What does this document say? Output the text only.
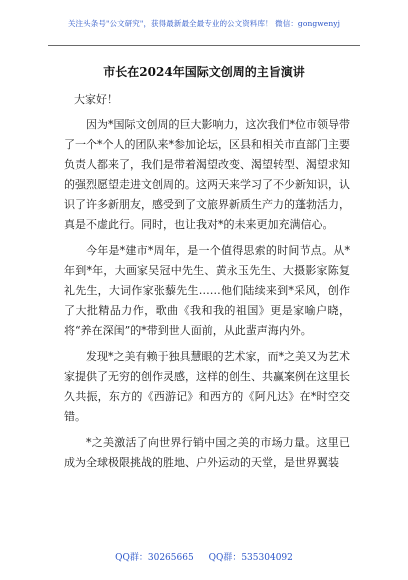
关注头条号"公文研究"，获得最新最全最专业的公文资料库！ 微信：gongwenyj
市长在2024年国际文创周的主旨演讲

大家好！

因为*国际文创周的巨大影响力，这次我们*位市领导带了一个*个人的团队来*参加论坛，区县和相关市直部门主要负责人都来了，我们是带着渴望改变、渴望转型、渴望求知的强烈愿望走进文创周的。这两天来学习了不少新知识，认识了许多新朋友，感受到了文旅界新质生产力的蓬勃活力，真是不虚此行。同时，也让我对*的未来更加充满信心。

今年是*建市*周年，是一个值得思索的时间节点。从*年到*年，大画家吴冠中先生、黄永玉先生、大摄影家陈复礼先生，大词作家张藜先生……他们陆续来到*采风，创作了大批精品力作，歌曲《我和我的祖国》更是家喻户晓，将“养在深闺”的*带到世人面前，从此蜚声海内外。

发现*之美有赖于独具慧眼的艺术家，而*之美又为艺术家提供了无穷的创作灵感，这样的创生、共赢案例在这里长久共振，东方的《西游记》和西方的《阿凡达》在*时空交错。

*之美激活了向世界行销中国之美的市场力量。这里已成为全球极限挑战的胜地、户外运动的天堂，是世界翼装

QQ群：30265665 QQ群：535304092
